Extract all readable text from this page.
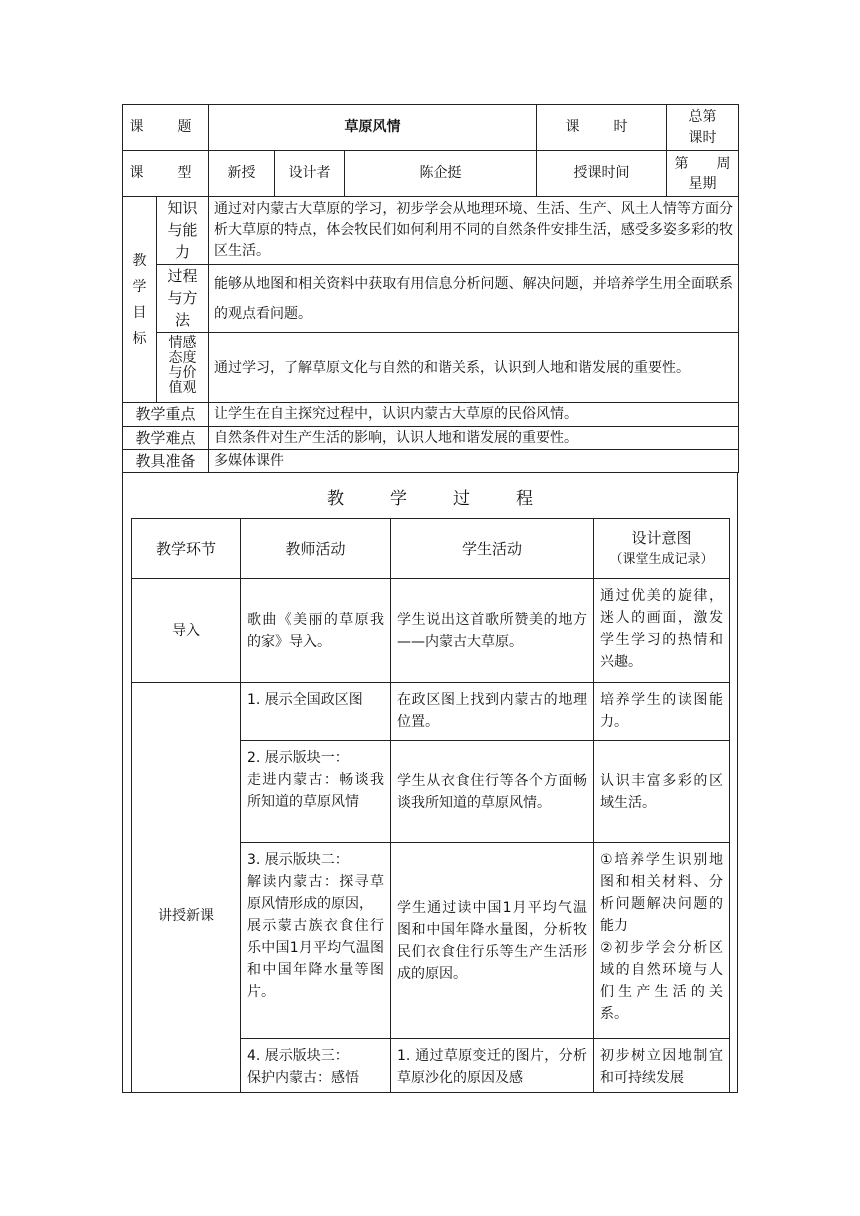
课　题	草原风情			课　时	总第
课时
课　型	新授	设计者	陈企挺	授课时间	第　　周
星期
教学目标	知识与能力	通过对内蒙古大草原的学习，初步学会从地理环境、生活、生产、风土人情等方面分析大草原的特点，体会牧民们如何利用不同的自然条件安排生活，感受多姿多彩的牧区生活。
	过程与方法	能够从地图和相关资料中获取有用信息分析问题、解决问题，并培养学生用全面联系的观点看问题。
	情感态度与价值观	通过学习，了解草原文化与自然的和谐关系，认识到人地和谐发展的重要性。
教学重点	让学生在自主探究过程中，认识内蒙古大草原的民俗风情。
教学难点	自然条件对生产生活的影响，认识人地和谐发展的重要性。
教具准备	多媒体课件
教学过程
教学环节	教师活动	学生活动	设计意图
（课堂生成记录）

导入	歌曲《美丽的草原我的家》导入。	学生说出这首歌所赞美的地方——内蒙古大草原。	通过优美的旋律，迷人的画面，激发学生学习的热情和兴趣。
讲授新课	1. 展示全国政区图	在政区图上找到内蒙古的地理位置。	培养学生的读图能力。
	2. 展示版块一：
走进内蒙古：畅谈我所知道的草原风情	学生从衣食住行等各个方面畅谈我所知道的草原风情。	认识丰富多彩的区域生活。
	3. 展示版块二：
解读内蒙古：探寻草原风情形成的原因，
展示蒙古族衣食住行乐中国1月平均气温图和中国年降水量等图片。	学生通过读中国1月平均气温图和中国年降水量图，分析牧民们衣食住行乐等生产生活形成的原因。	①培养学生识别地图和相关材料、分析问题解决问题的能力
②初步学会分析区域的自然环境与人们生产生活的关系。
	4. 展示版块三：
保护内蒙古：感悟	1. 通过草原变迁的图片，分析草原沙化的原因及感	初步树立因地制宜和可持续发展
